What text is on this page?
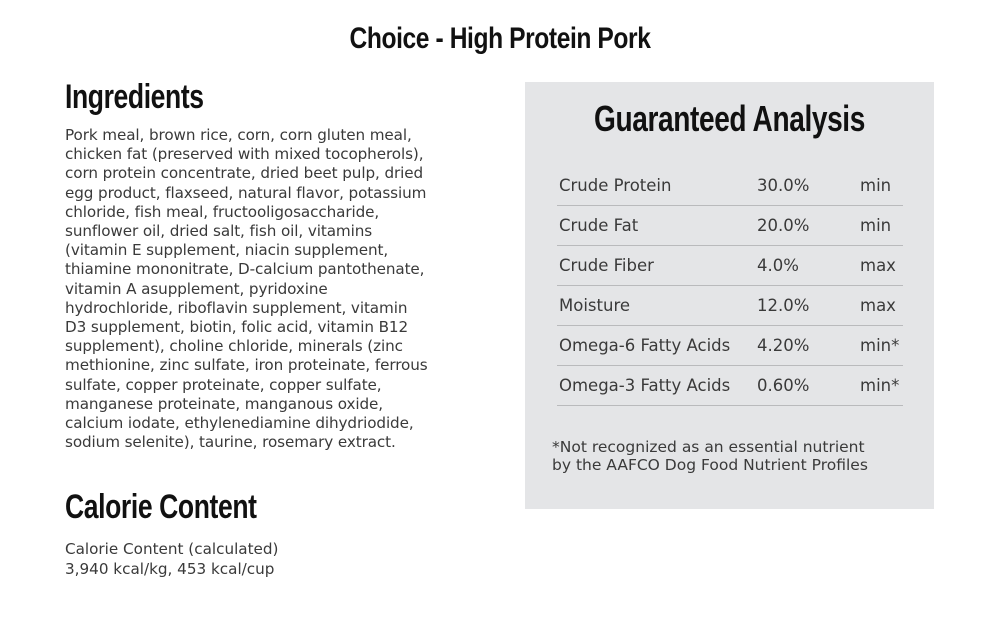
Choice - High Protein Pork
Ingredients
Pork meal, brown rice, corn, corn gluten meal,
chicken fat (preserved with mixed tocopherols),
corn protein concentrate, dried beet pulp, dried
egg product, flaxseed, natural flavor, potassium
chloride, fish meal, fructooligosaccharide,
sunflower oil, dried salt, fish oil, vitamins
(vitamin E supplement, niacin supplement,
thiamine mononitrate, D-calcium pantothenate,
vitamin A asupplement, pyridoxine
hydrochloride, riboflavin supplement, vitamin
D3 supplement, biotin, folic acid, vitamin B12
supplement), choline chloride, minerals (zinc
methionine, zinc sulfate, iron proteinate, ferrous
sulfate, copper proteinate, copper sulfate,
manganese proteinate, manganous oxide,
calcium iodate, ethylenediamine dihydriodide,
sodium selenite), taurine, rosemary extract.
Calorie Content
Calorie Content (calculated)
3,940 kcal/kg, 453 kcal/cup
Guaranteed Analysis
Crude Protein	30.0%	min
Crude Fat	20.0%	min
Crude Fiber	4.0%	max
Moisture	12.0%	max
Omega-6 Fatty Acids 4.20%	min*
Omega-3 Fatty Acids 0.60%	min*
*Not recognized as an essential nutrient
by the AAFCO Dog Food Nutrient Profiles
